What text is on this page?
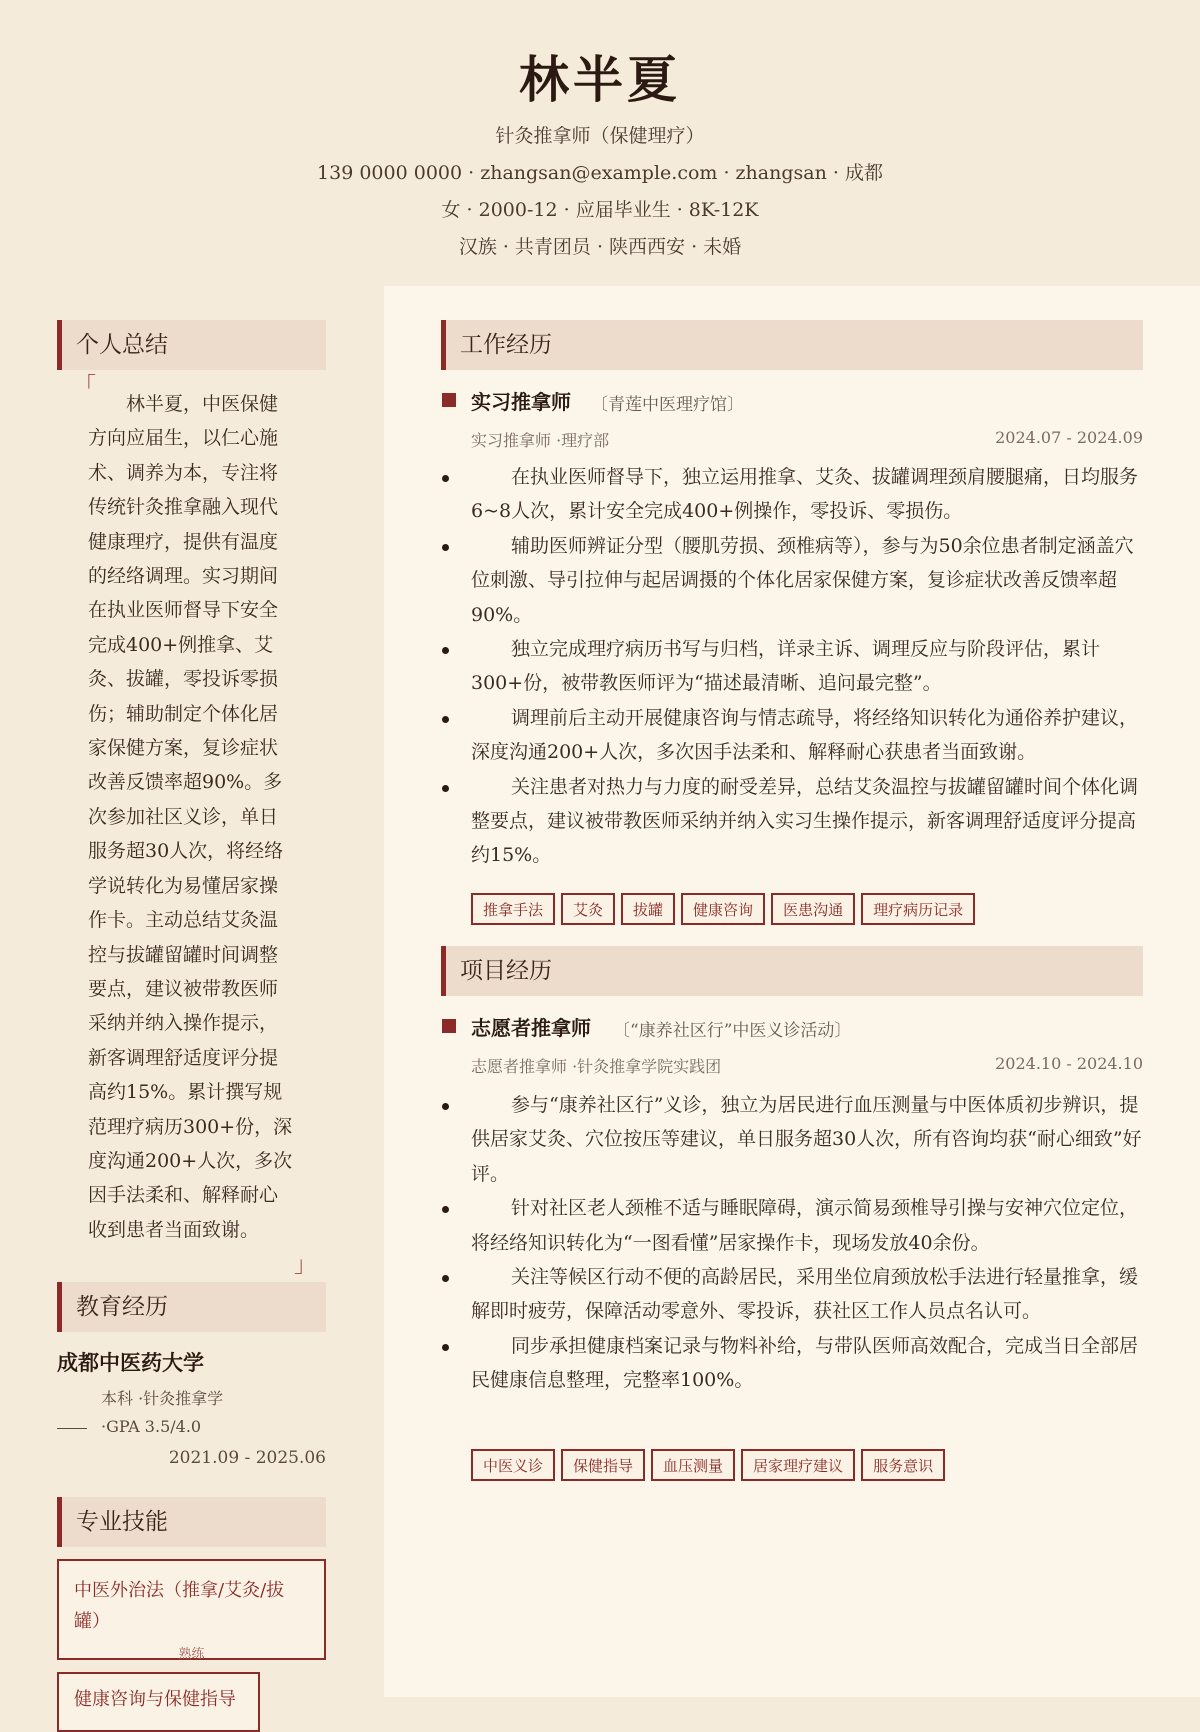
林半夏
针灸推拿师（保健理疗）
139 0000 0000 · zhangsan@example.com · zhangsan · 成都
女 · 2000-12 · 应届毕业生 · 8K-12K
汉族 · 共青团员 · 陕西西安 · 未婚
个人总结
「

林半夏，中医保健方向应届生，以仁心施术、调养为本，专注将传统针灸推拿融入现代健康理疗，提供有温度的经络调理。实习期间在执业医师督导下安全完成400+例推拿、艾灸、拔罐，零投诉零损伤；辅助制定个体化居家保健方案，复诊症状改善反馈率超90%。多次参加社区义诊，单日服务超30人次，将经络学说转化为易懂居家操作卡。主动总结艾灸温控与拔罐留罐时间调整要点，建议被带教医师采纳并纳入操作提示，新客调理舒适度评分提高约15%。累计撰写规范理疗病历300+份，深度沟通200+人次，多次因手法柔和、解释耐心收到患者当面致谢。

」
教育经历
成都中医药大学
本科 ·针灸推拿学
·GPA 3.5/4.0
2021.09 - 2025.06
专业技能
中医外治法（推拿/艾灸/拔罐）
熟练
健康咨询与保健指导
工作经历
实习推拿师 〔青莲中医理疗馆〕
实习推拿师 ·理疗部	2024.07 - 2024.09
在执业医师督导下，独立运用推拿、艾灸、拔罐调理颈肩腰腿痛，日均服务6~8人次，累计安全完成400+例操作，零投诉、零损伤。
辅助医师辨证分型（腰肌劳损、颈椎病等），参与为50余位患者制定涵盖穴位刺激、导引拉伸与起居调摄的个体化居家保健方案，复诊症状改善反馈率超90%。
独立完成理疗病历书写与归档，详录主诉、调理反应与阶段评估，累计300+份，被带教医师评为“描述最清晰、追问最完整”。
调理前后主动开展健康咨询与情志疏导，将经络知识转化为通俗养护建议，深度沟通200+人次，多次因手法柔和、解释耐心获患者当面致谢。
关注患者对热力与力度的耐受差异，总结艾灸温控与拔罐留罐时间个体化调整要点，建议被带教医师采纳并纳入实习生操作提示，新客调理舒适度评分提高约15%。
推拿手法 艾灸 拔罐 健康咨询 医患沟通 理疗病历记录
项目经历
志愿者推拿师 〔“康养社区行”中医义诊活动〕
志愿者推拿师 ·针灸推拿学院实践团	2024.10 - 2024.10
参与“康养社区行”义诊，独立为居民进行血压测量与中医体质初步辨识，提供居家艾灸、穴位按压等建议，单日服务超30人次，所有咨询均获“耐心细致”好评。
针对社区老人颈椎不适与睡眠障碍，演示简易颈椎导引操与安神穴位定位，将经络知识转化为“一图看懂”居家操作卡，现场发放40余份。
关注等候区行动不便的高龄居民，采用坐位肩颈放松手法进行轻量推拿，缓解即时疲劳，保障活动零意外、零投诉，获社区工作人员点名认可。
同步承担健康档案记录与物料补给，与带队医师高效配合，完成当日全部居民健康信息整理，完整率100%。
中医义诊 保健指导 血压测量 居家理疗建议 服务意识
